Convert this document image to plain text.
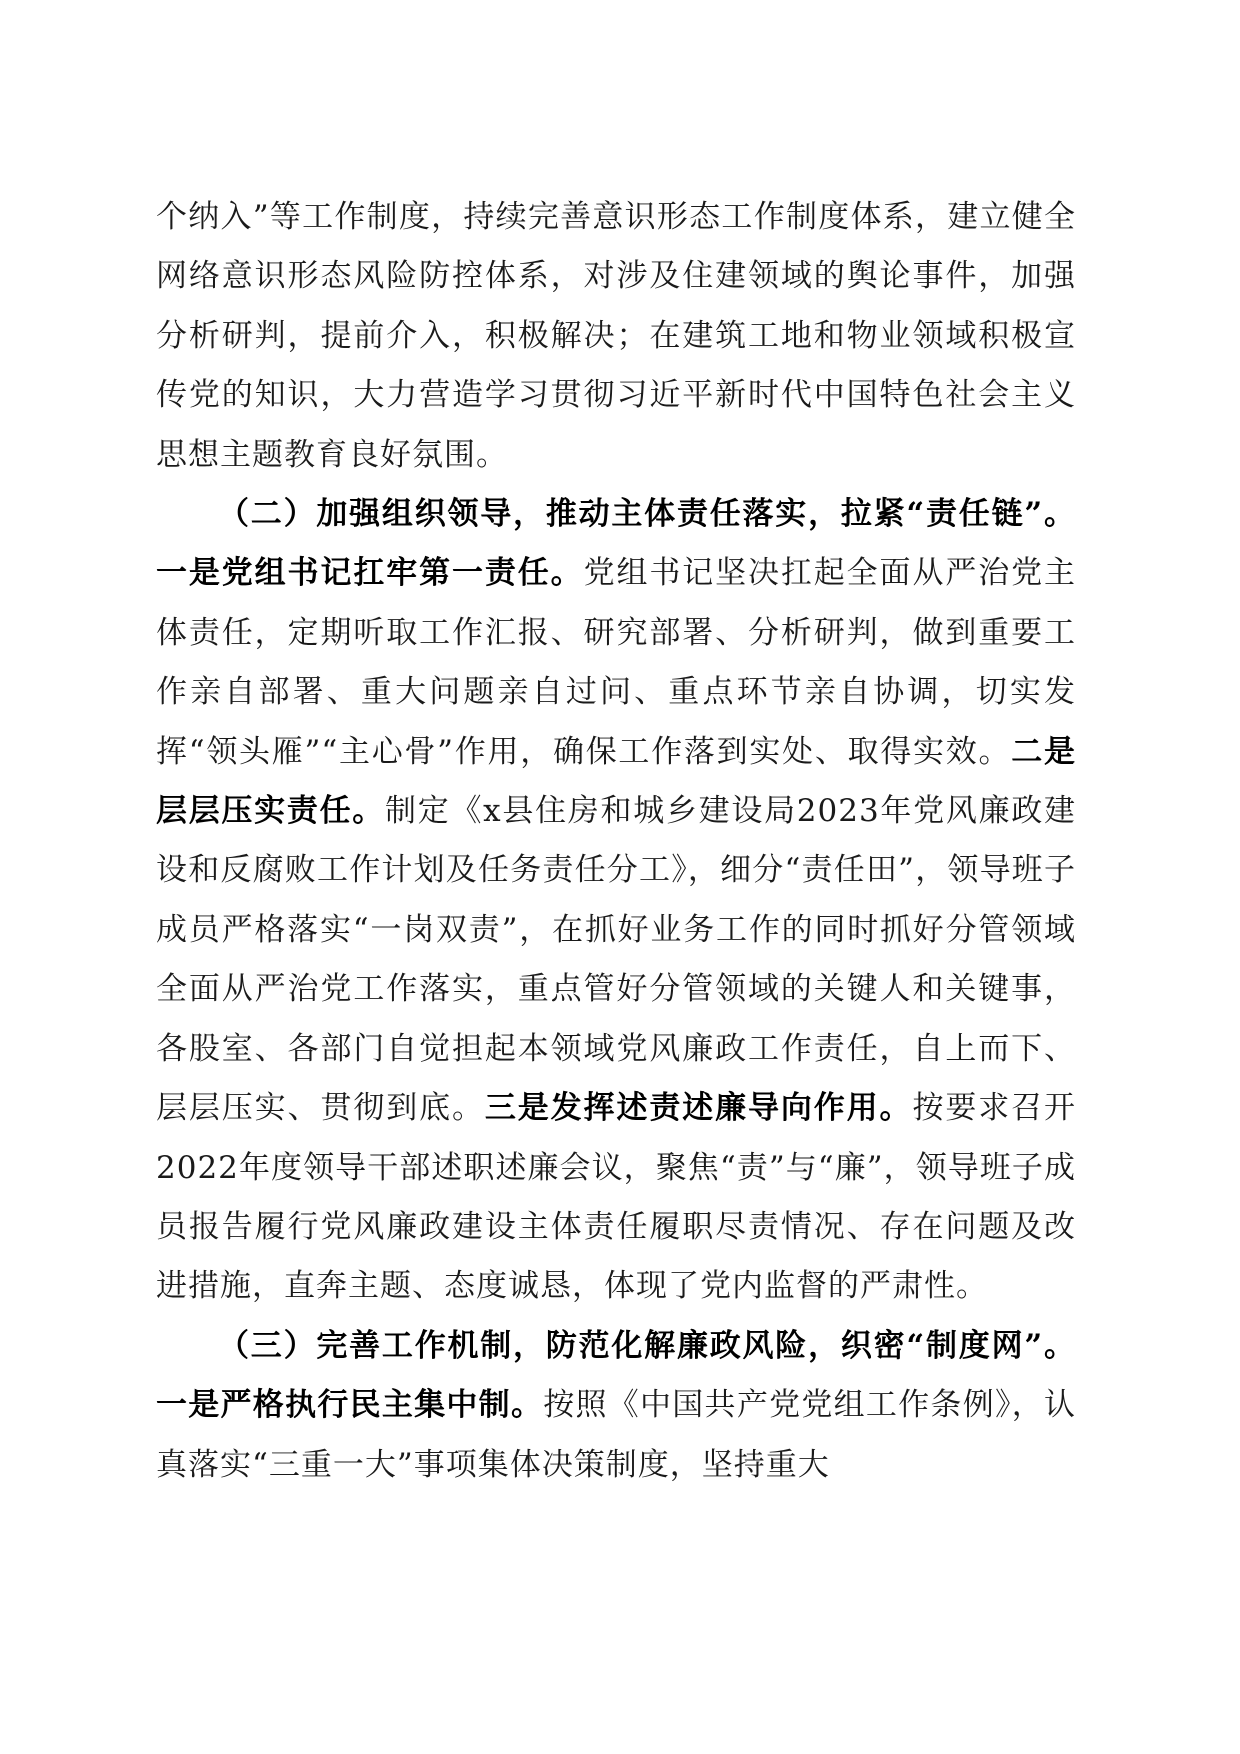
个纳入”等工作制度，持续完善意识形态工作制度体系，建立健全网络意识形态风险防控体系，对涉及住建领域的舆论事件，加强分析研判，提前介入，积极解决；在建筑工地和物业领域积极宣传党的知识，大力营造学习贯彻习近平新时代中国特色社会主义思想主题教育良好氛围。

（二）加强组织领导，推动主体责任落实，拉紧“责任链”。一是党组书记扛牢第一责任。党组书记坚决扛起全面从严治党主体责任，定期听取工作汇报、研究部署、分析研判，做到重要工作亲自部署、重大问题亲自过问、重点环节亲自协调，切实发挥“领头雁”“主心骨”作用，确保工作落到实处、取得实效。二是层层压实责任。制定《x县住房和城乡建设局2023年党风廉政建设和反腐败工作计划及任务责任分工》，细分“责任田”，领导班子成员严格落实“一岗双责”，在抓好业务工作的同时抓好分管领域全面从严治党工作落实，重点管好分管领域的关键人和关键事，各股室、各部门自觉担起本领域党风廉政工作责任，自上而下、层层压实、贯彻到底。三是发挥述责述廉导向作用。按要求召开2022年度领导干部述职述廉会议，聚焦“责”与“廉”，领导班子成员报告履行党风廉政建设主体责任履职尽责情况、存在问题及改进措施，直奔主题、态度诚恳，体现了党内监督的严肃性。

（三）完善工作机制，防范化解廉政风险，织密“制度网”。一是严格执行民主集中制。按照《中国共产党党组工作条例》，认真落实“三重一大”事项集体决策制度，坚持重大
